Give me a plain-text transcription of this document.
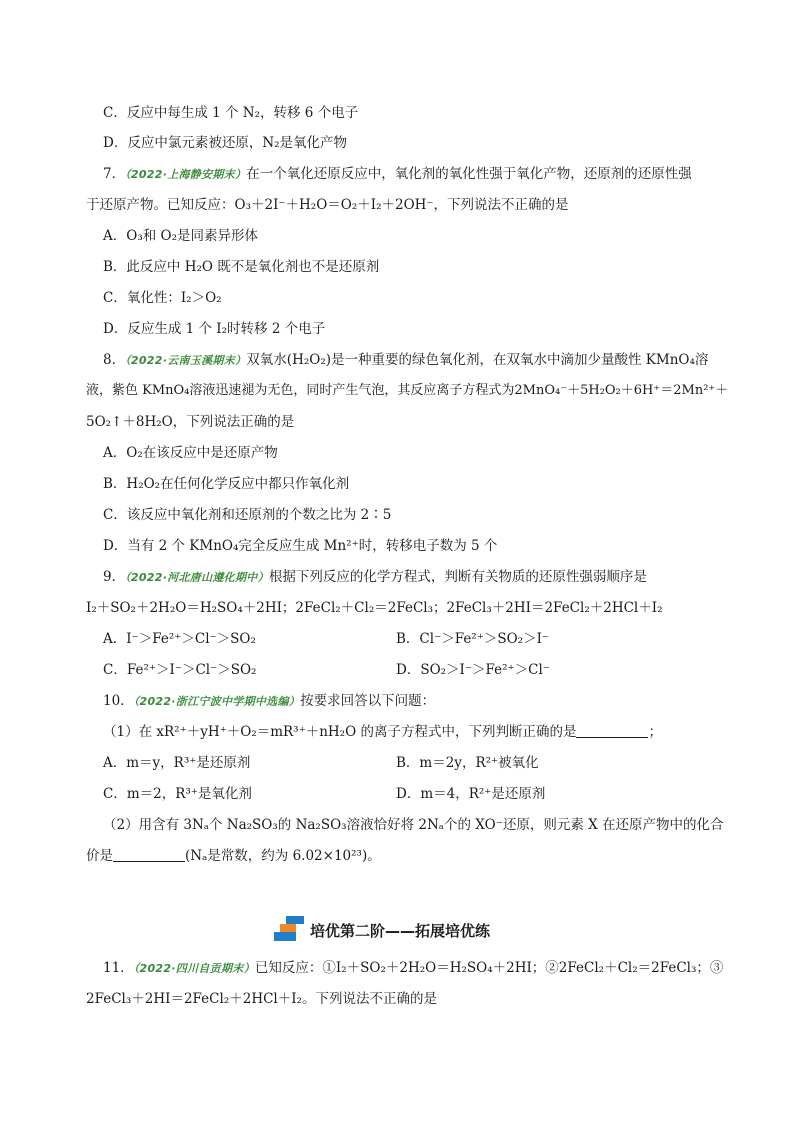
C．反应中每生成 1 个 N₂，转移 6 个电子
D．反应中氯元素被还原，N₂是氧化产物
7．（2022·上海静安期末）在一个氧化还原反应中，氧化剂的氧化性强于氧化产物，还原剂的还原性强
于还原产物。已知反应：O₃＋2I⁻＋H₂O＝O₂＋I₂＋2OH⁻，下列说法不正确的是
A．O₃和 O₂是同素异形体
B．此反应中 H₂O 既不是氧化剂也不是还原剂
C．氧化性：I₂＞O₂
D．反应生成 1 个 I₂时转移 2 个电子
8．（2022·云南玉溪期末）双氧水(H₂O₂)是一种重要的绿色氧化剂，在双氧水中滴加少量酸性 KMnO₄溶
液，紫色 KMnO₄溶液迅速褪为无色，同时产生气泡，其反应离子方程式为2MnO₄⁻＋5H₂O₂＋6H⁺＝2Mn²⁺＋
5O₂↑＋8H₂O，下列说法正确的是
A．O₂在该反应中是还原产物
B．H₂O₂在任何化学反应中都只作氧化剂
C．该反应中氧化剂和还原剂的个数之比为 2∶5
D．当有 2 个 KMnO₄完全反应生成 Mn²⁺时，转移电子数为 5 个
9．（2022·河北唐山遵化期中）根据下列反应的化学方程式，判断有关物质的还原性强弱顺序是
I₂＋SO₂＋2H₂O＝H₂SO₄＋2HI；2FeCl₂＋Cl₂＝2FeCl₃；2FeCl₃＋2HI＝2FeCl₂＋2HCl＋I₂
A．I⁻＞Fe²⁺＞Cl⁻＞SO₂	B．Cl⁻＞Fe²⁺＞SO₂＞I⁻
C．Fe²⁺＞I⁻＞Cl⁻＞SO₂	D．SO₂＞I⁻＞Fe²⁺＞Cl⁻
10．（2022·浙江宁波中学期中选编）按要求回答以下问题：
（1）在 xR²⁺＋yH⁺＋O₂＝mR³⁺＋nH₂O 的离子方程式中，下列判断正确的是	；
A．m＝y，R³⁺是还原剂	B．m＝2y，R²⁺被氧化
C．m＝2，R³⁺是氧化剂	D．m＝4，R²⁺是还原剂
（2）用含有 3Nₐ个 Na₂SO₃的 Na₂SO₃溶液恰好将 2Nₐ个的 XO⁻还原，则元素 X 在还原产物中的化合
价是	(Nₐ是常数，约为 6.02×10²³)。
培优第二阶——拓展培优练
11．（2022·四川自贡期末）已知反应：①I₂＋SO₂＋2H₂O＝H₂SO₄＋2HI；②2FeCl₂＋Cl₂＝2FeCl₃；③
2FeCl₃＋2HI＝2FeCl₂＋2HCl＋I₂。下列说法不正确的是
